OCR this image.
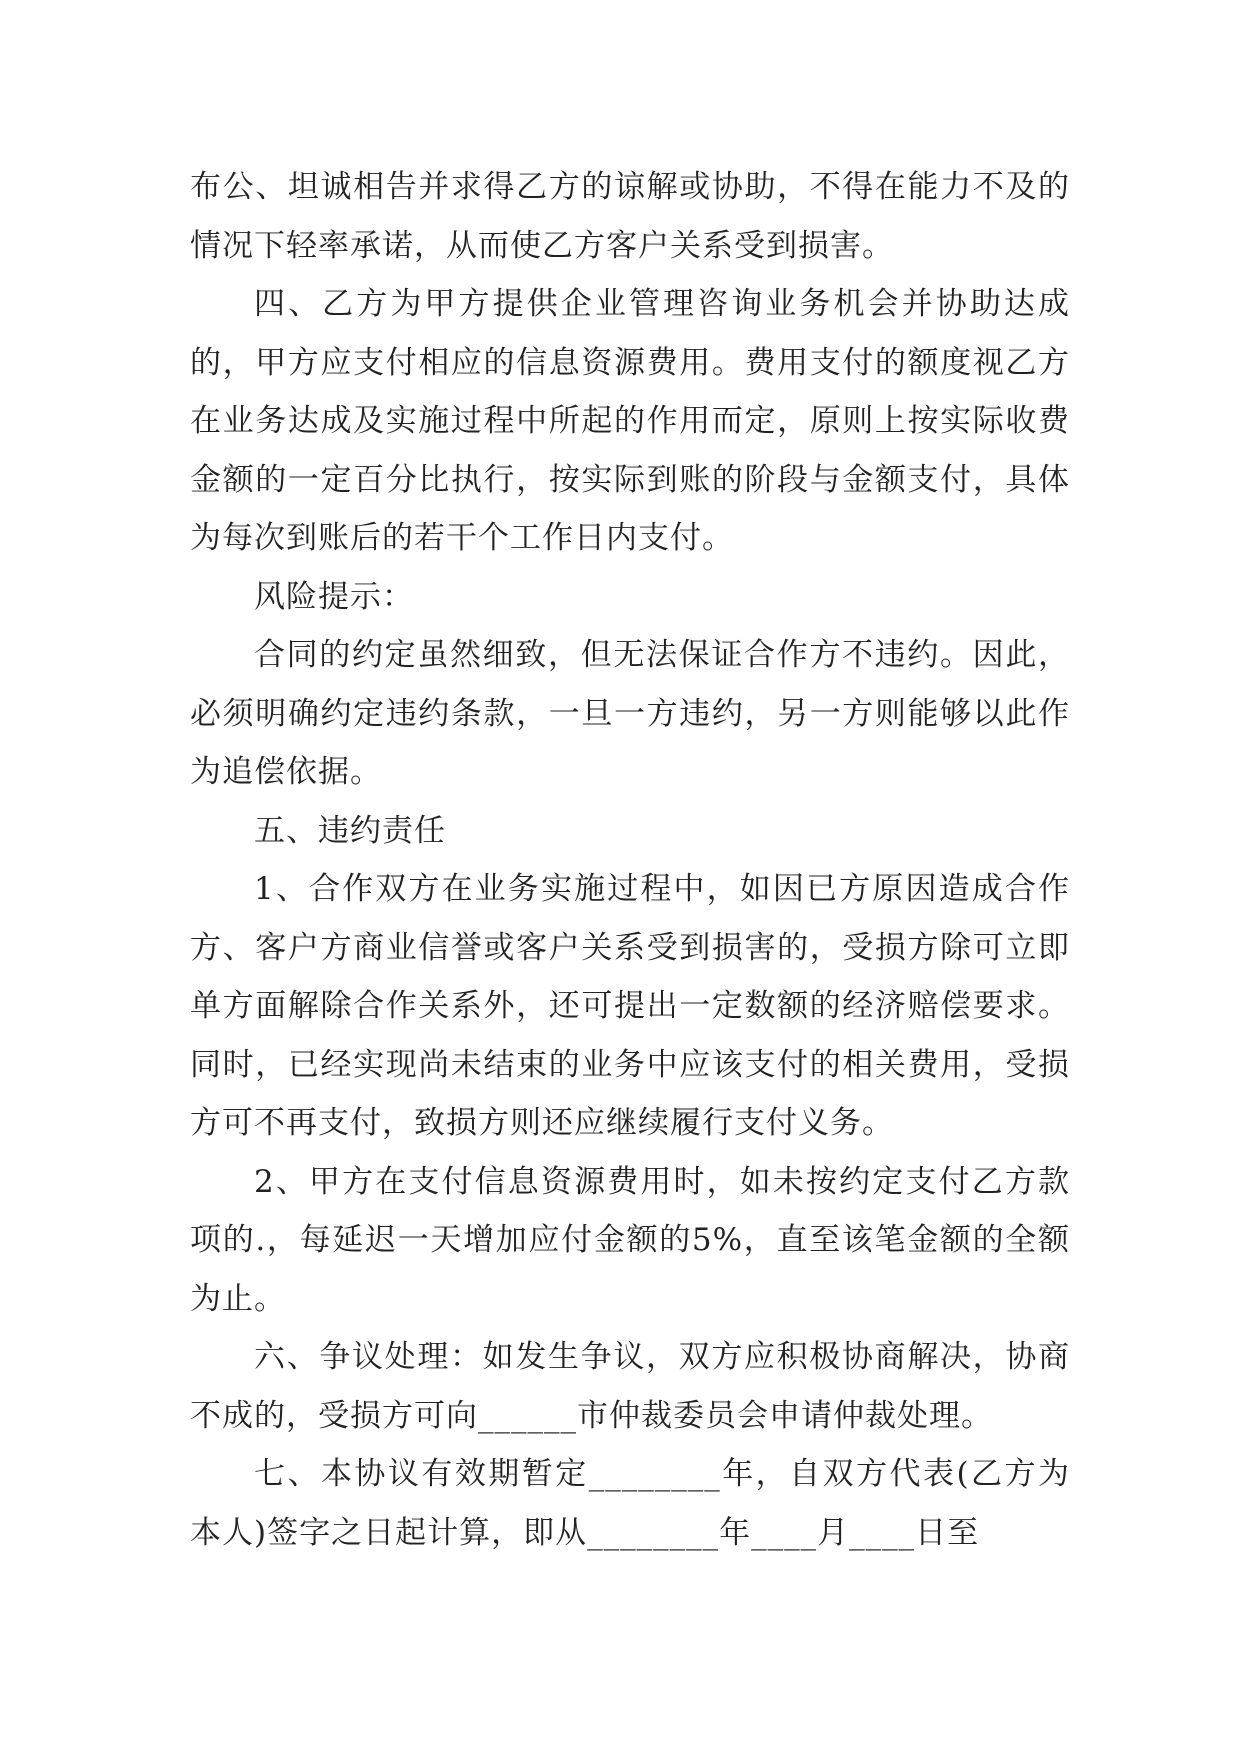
布公、坦诚相告并求得乙方的谅解或协助，不得在能力不及的情况下轻率承诺，从而使乙方客户关系受到损害。

四、乙方为甲方提供企业管理咨询业务机会并协助达成的，甲方应支付相应的信息资源费用。费用支付的额度视乙方在业务达成及实施过程中所起的作用而定，原则上按实际收费金额的一定百分比执行，按实际到账的阶段与金额支付，具体为每次到账后的若干个工作日内支付。

风险提示：

合同的约定虽然细致，但无法保证合作方不违约。因此，必须明确约定违约条款，一旦一方违约，另一方则能够以此作为追偿依据。

五、违约责任

1、合作双方在业务实施过程中，如因已方原因造成合作方、客户方商业信誉或客户关系受到损害的，受损方除可立即单方面解除合作关系外，还可提出一定数额的经济赔偿要求。同时，已经实现尚未结束的业务中应该支付的相关费用，受损方可不再支付，致损方则还应继续履行支付义务。

2、甲方在支付信息资源费用时，如未按约定支付乙方款项的.，每延迟一天增加应付金额的5%，直至该笔金额的全额为止。

六、争议处理：如发生争议，双方应积极协商解决，协商不成的，受损方可向______市仲裁委员会申请仲裁处理。

七、本协议有效期暂定________年，自双方代表(乙方为本人)签字之日起计算，即从________年____月____日至
